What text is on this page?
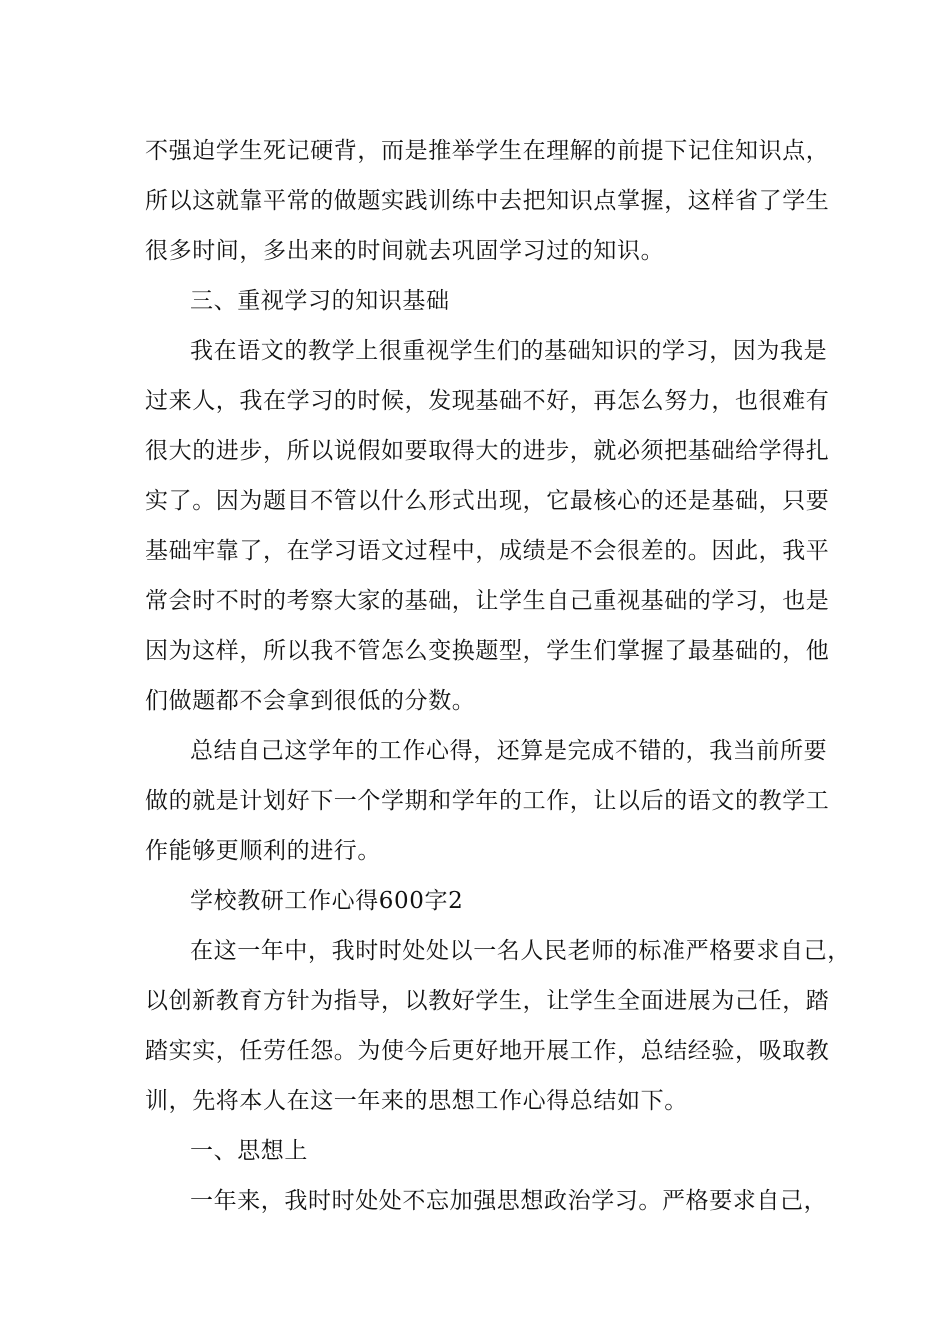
不强迫学生死记硬背，而是推举学生在理解的前提下记住知识点，
所以这就靠平常的做题实践训练中去把知识点掌握，这样省了学生
很多时间，多出来的时间就去巩固学习过的知识。
三、重视学习的知识基础
我在语文的教学上很重视学生们的基础知识的学习，因为我是
过来人，我在学习的时候，发现基础不好，再怎么努力，也很难有
很大的进步，所以说假如要取得大的进步，就必须把基础给学得扎
实了。因为题目不管以什么形式出现，它最核心的还是基础，只要
基础牢靠了，在学习语文过程中，成绩是不会很差的。因此，我平
常会时不时的考察大家的基础，让学生自己重视基础的学习，也是
因为这样，所以我不管怎么变换题型，学生们掌握了最基础的，他
们做题都不会拿到很低的分数。
总结自己这学年的工作心得，还算是完成不错的，我当前所要
做的就是计划好下一个学期和学年的工作，让以后的语文的教学工
作能够更顺利的进行。
学校教研工作心得600字2
在这一年中，我时时处处以一名人民老师的标准严格要求自己，
以创新教育方针为指导，以教好学生，让学生全面进展为己任，踏
踏实实，任劳任怨。为使今后更好地开展工作，总结经验，吸取教
训，先将本人在这一年来的思想工作心得总结如下。
一、思想上
一年来，我时时处处不忘加强思想政治学习。严格要求自己，
